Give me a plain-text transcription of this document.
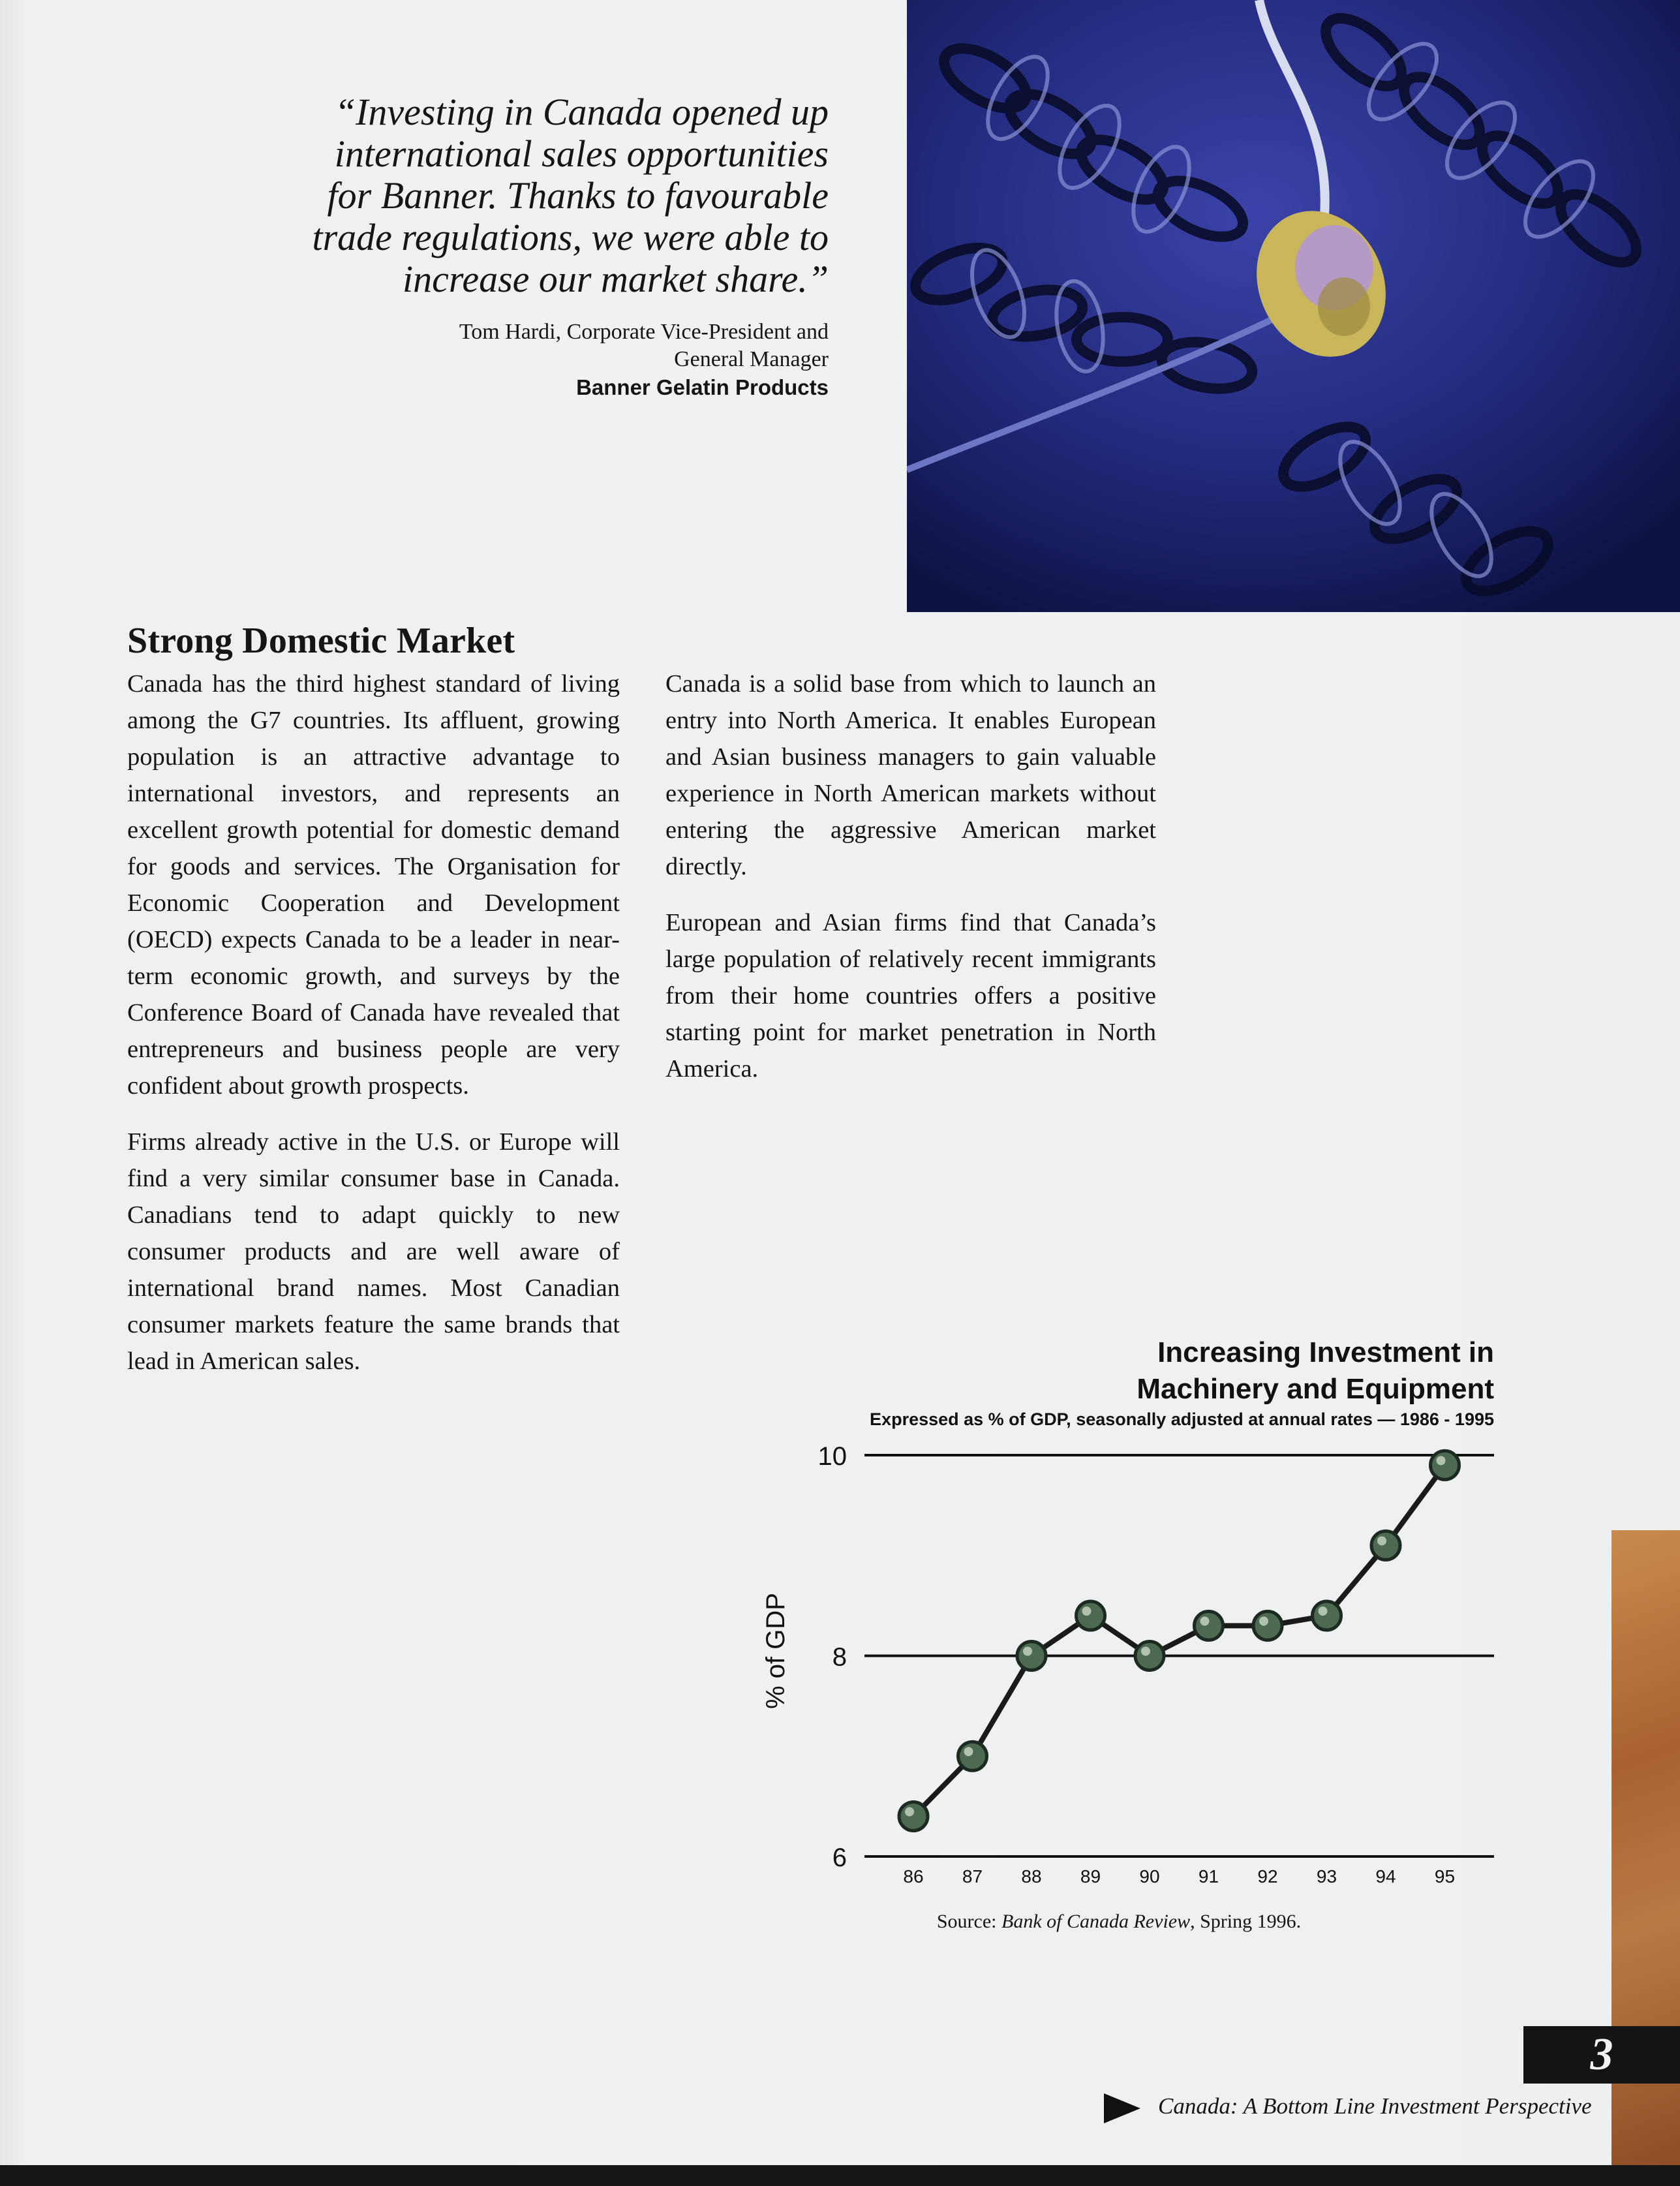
“Investing in Canada opened up
international sales opportunities
for Banner. Thanks to favourable
trade regulations, we were able to
increase our market share.”

Tom Hardi, Corporate Vice-President and
General Manager
Banner Gelatin Products
Strong Domestic Market

Canada has the third highest standard of living among the G7 countries. Its affluent, growing population is an attractive advantage to international investors, and represents an excellent growth potential for domestic demand for goods and services. The Organisation for Economic Cooperation and Development (OECD) expects Canada to be a leader in near-term economic growth, and surveys by the Conference Board of Canada have revealed that entrepreneurs and business people are very confident about growth prospects.

Firms already active in the U.S. or Europe will find a very similar consumer base in Canada. Canadians tend to adapt quickly to new consumer products and are well aware of international brand names. Most Canadian consumer markets feature the same brands that lead in American sales.

Canada is a solid base from which to launch an entry into North America. It enables European and Asian business managers to gain valuable experience in North American markets without entering the aggressive American market directly.

European and Asian firms find that Canada’s large population of relatively recent immigrants from their home countries offers a positive starting point for market penetration in North America.

Increasing Investment in
Machinery and Equipment
Expressed as % of GDP, seasonally adjusted at annual rates — 1986 - 1995
10
8
6
86 87 88 89 90 91 92 93 94 95
% of GDP
Source: Bank of Canada Review, Spring 1996.
3
Canada: A Bottom Line Investment Perspective
